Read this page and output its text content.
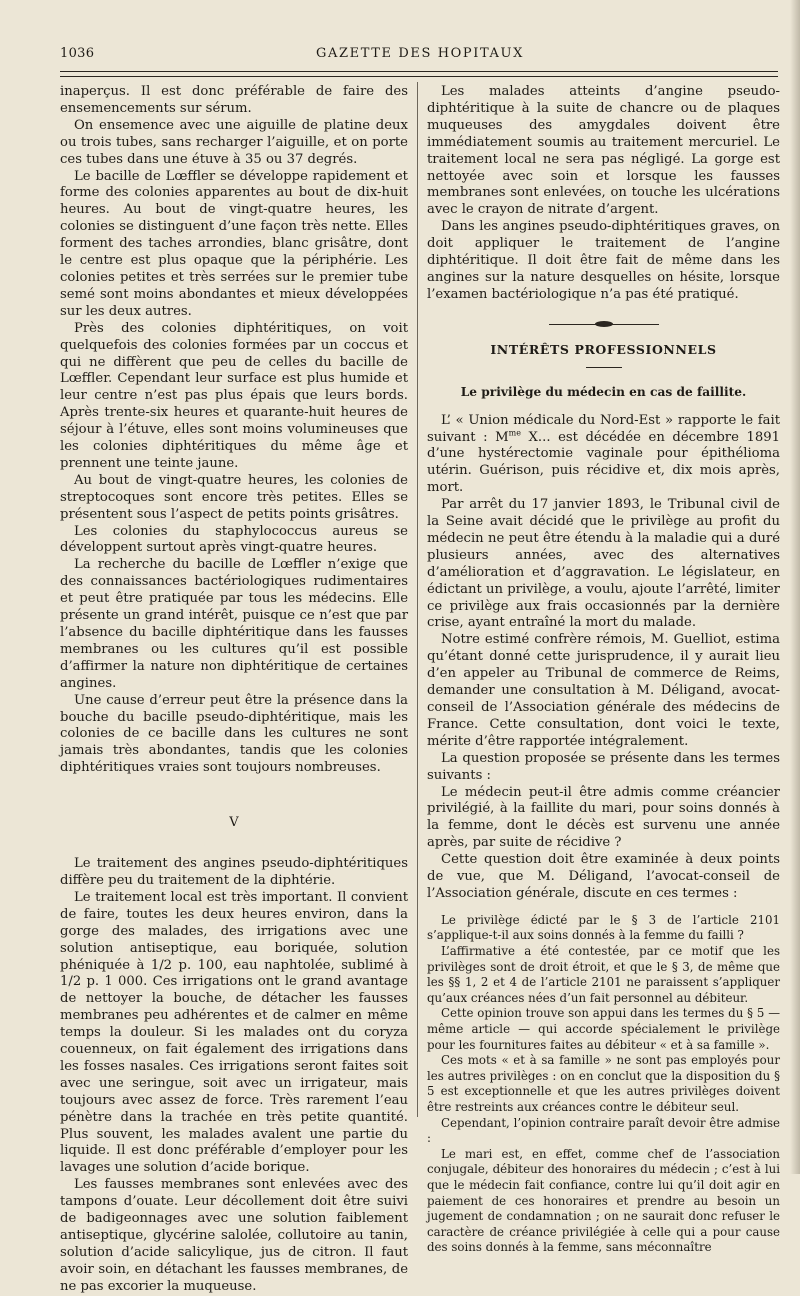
1036	GAZETTE DES HOPITAUX

inaperçus. Il est donc préférable de faire des ensemencements sur sérum.

On ensemence avec une aiguille de platine deux ou trois tubes, sans recharger l’aiguille, et on porte ces tubes dans une étuve à 35 ou 37 degrés.

Le bacille de Lœffler se développe rapidement et forme des colonies apparentes au bout de dix-huit heures. Au bout de vingt-quatre heures, les colonies se distinguent d’une façon très nette. Elles forment des taches arrondies, blanc grisâtre, dont le centre est plus opaque que la périphérie. Les colonies petites et très serrées sur le premier tube semé sont moins abondantes et mieux développées sur les deux autres.

Près des colonies diphtéritiques, on voit quelquefois des colonies formées par un coccus et qui ne diffèrent que peu de celles du bacille de Lœffler. Cependant leur surface est plus humide et leur centre n’est pas plus épais que leurs bords. Après trente-six heures et quarante-huit heures de séjour à l’étuve, elles sont moins volumineuses que les colonies diphtéritiques du même âge et prennent une teinte jaune.

Au bout de vingt-quatre heures, les colonies de streptocoques sont encore très petites. Elles se présentent sous l’aspect de petits points grisâtres.

Les colonies du staphylococcus aureus se développent surtout après vingt-quatre heures.

La recherche du bacille de Lœffler n’exige que des connaissances bactériologiques rudimentaires et peut être pratiquée par tous les médecins. Elle présente un grand intérêt, puisque ce n’est que par l’absence du bacille diphtéritique dans les fausses membranes ou les cultures qu’il est possible d’affirmer la nature non diphtéritique de certaines angines.

Une cause d’erreur peut être la présence dans la bouche du bacille pseudo-diphtéritique, mais les colonies de ce bacille dans les cultures ne sont jamais très abondantes, tandis que les colonies diphtéritiques vraies sont toujours nombreuses.

V

Le traitement des angines pseudo-diphtéritiques diffère peu du traitement de la diphtérie.

Le traitement local est très important. Il convient de faire, toutes les deux heures environ, dans la gorge des malades, des irrigations avec une solution antiseptique, eau boriquée, solution phéniquée à 1/2 p. 100, eau naphtolée, sublimé à 1/2 p. 1 000. Ces irrigations ont le grand avantage de nettoyer la bouche, de détacher les fausses membranes peu adhérentes et de calmer en même temps la douleur. Si les malades ont du coryza couenneux, on fait également des irrigations dans les fosses nasales. Ces irrigations seront faites soit avec une seringue, soit avec un irrigateur, mais toujours avec assez de force. Très rarement l’eau pénètre dans la trachée en très petite quantité. Plus souvent, les malades avalent une partie du liquide. Il est donc préférable d’employer pour les lavages une solution d’acide borique.

Les fausses membranes sont enlevées avec des tampons d’ouate. Leur décollement doit être suivi de badigeonnages avec une solution faiblement antiseptique, glycérine salolée, collutoire au tanin, solution d’acide salicylique, jus de citron. Il faut avoir soin, en détachant les fausses membranes, de ne pas excorier la muqueuse.

Les malades atteints d’angine pseudo-diphtéritique à la suite de chancre ou de plaques muqueuses des amygdales doivent être immédiatement soumis au traitement mercuriel. Le traitement local ne sera pas négligé. La gorge est nettoyée avec soin et lorsque les fausses membranes sont enlevées, on touche les ulcérations avec le crayon de nitrate d’argent.

Dans les angines pseudo-diphtéritiques graves, on doit appliquer le traitement de l’angine diphtéritique. Il doit être fait de même dans les angines sur la nature desquelles on hésite, lorsque l’examen bactériologique n’a pas été pratiqué.

INTÉRÊTS PROFESSIONNELS
Le privilège du médecin en cas de faillite.

L’ « Union médicale du Nord-Est » rapporte le fait suivant : $M^{me}$ X... est décédée en décembre 1891 d’une hystérectomie vaginale pour épithélioma utérin. Guérison, puis récidive et, dix mois après, mort.

Par arrêt du 17 janvier 1893, le Tribunal civil de la Seine avait décidé que le privilège au profit du médecin ne peut être étendu à la maladie qui a duré plusieurs années, avec des alternatives d’amélioration et d’aggravation. Le législateur, en édictant un privilège, a voulu, ajoute l’arrêté, limiter ce privilège aux frais occasionnés par la dernière crise, ayant entraîné la mort du malade.

Notre estimé confrère rémois, M. Guelliot, estima qu’étant donné cette jurisprudence, il y aurait lieu d’en appeler au Tribunal de commerce de Reims, demander une consultation à M. Déligand, avocat-conseil de l’Association générale des médecins de France. Cette consultation, dont voici le texte, mérite d’être rapportée intégralement.

La question proposée se présente dans les termes suivants :

Le médecin peut-il être admis comme créancier privilégié, à la faillite du mari, pour soins donnés à la femme, dont le décès est survenu une année après, par suite de récidive ?

Cette question doit être examinée à deux points de vue, que M. Déligand, l’avocat-conseil de l’Association générale, discute en ces termes :

Le privilège édicté par le § 3 de l’article 2101 s’applique-t-il aux soins donnés à la femme du failli ?

L’affirmative a été contestée, par ce motif que les privilèges sont de droit étroit, et que le § 3, de même que les §§ 1, 2 et 4 de l’article 2101 ne paraissent s’appliquer qu’aux créances nées d’un fait personnel au débiteur.

Cette opinion trouve son appui dans les termes du § 5 — même article — qui accorde spécialement le privilège pour les fournitures faites au débiteur « et à sa famille ».

Ces mots « et à sa famille » ne sont pas employés pour les autres privilèges : on en conclut que la disposition du § 5 est exceptionnelle et que les autres privilèges doivent être restreints aux créances contre le débiteur seul.

Cependant, l’opinion contraire paraît devoir être admise :

Le mari est, en effet, comme chef de l’association conjugale, débiteur des honoraires du médecin ; c’est à lui que le médecin fait confiance, contre lui qu’il doit agir en paiement de ces honoraires et prendre au besoin un jugement de condamnation ; on ne saurait donc refuser le caractère de créance privilégiée à celle qui a pour cause des soins donnés à la femme, sans méconnaître
